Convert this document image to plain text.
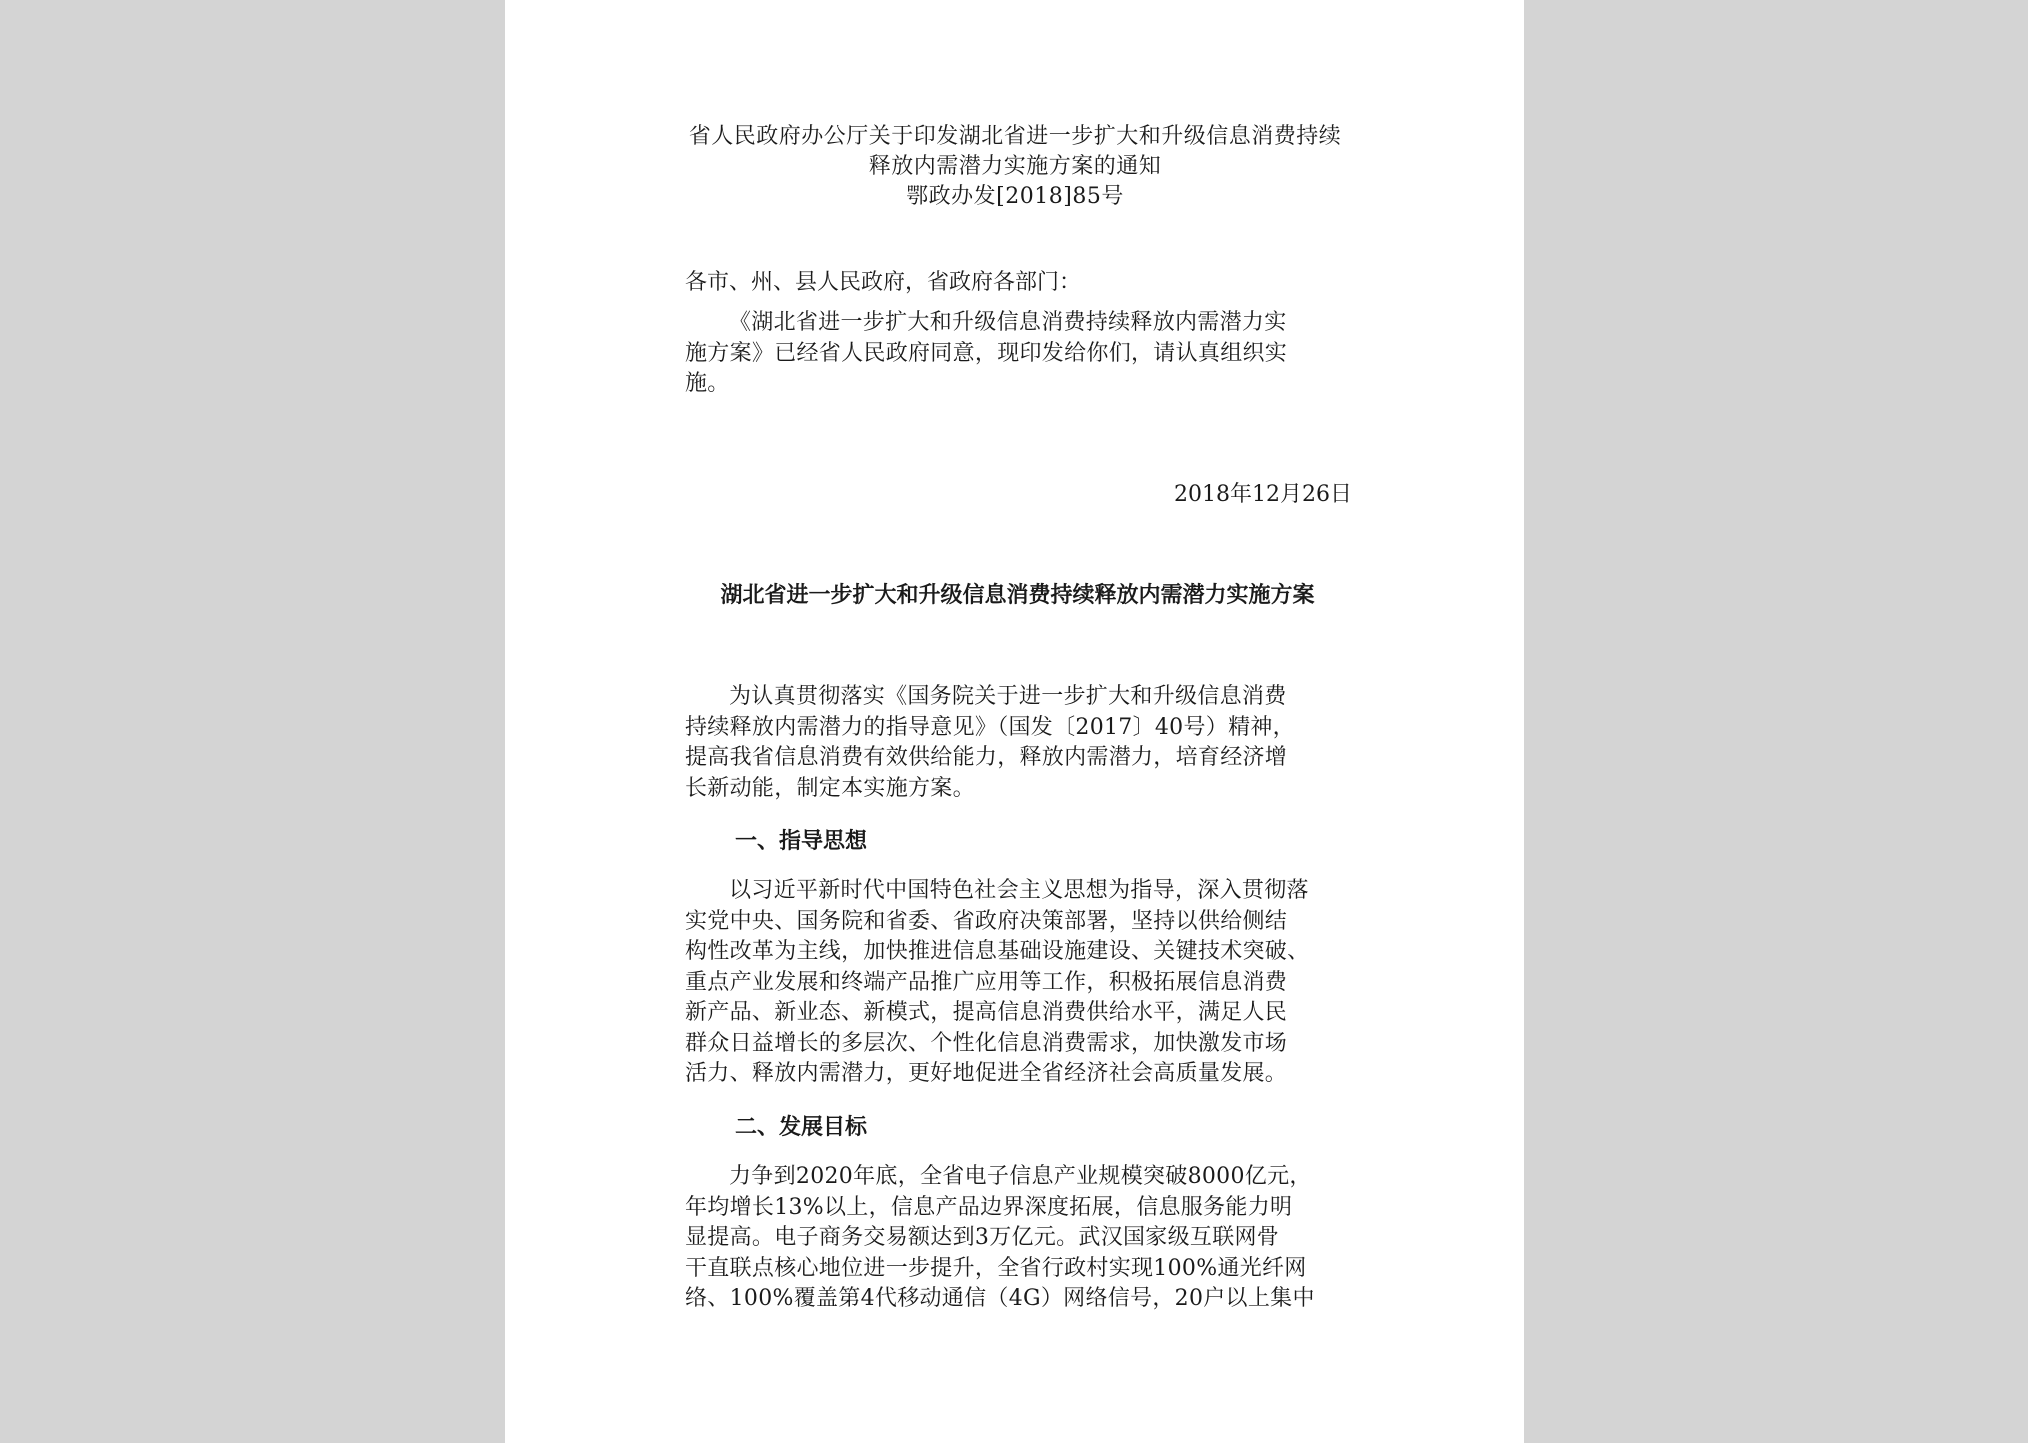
省人民政府办公厅关于印发湖北省进一步扩大和升级信息消费持续
释放内需潜力实施方案的通知
鄂政办发[2018]85号
各市、州、县人民政府，省政府各部门：
《湖北省进一步扩大和升级信息消费持续释放内需潜力实
施方案》已经省人民政府同意，现印发给你们，请认真组织实
施。
2018年12月26日
湖北省进一步扩大和升级信息消费持续释放内需潜力实施方案
为认真贯彻落实《国务院关于进一步扩大和升级信息消费
持续释放内需潜力的指导意见》（国发〔2017〕40号）精神，
提高我省信息消费有效供给能力，释放内需潜力，培育经济增
长新动能，制定本实施方案。
一、指导思想
以习近平新时代中国特色社会主义思想为指导，深入贯彻落
实党中央、国务院和省委、省政府决策部署，坚持以供给侧结
构性改革为主线，加快推进信息基础设施建设、关键技术突破、
重点产业发展和终端产品推广应用等工作，积极拓展信息消费
新产品、新业态、新模式，提高信息消费供给水平，满足人民
群众日益增长的多层次、个性化信息消费需求，加快激发市场
活力、释放内需潜力，更好地促进全省经济社会高质量发展。
二、发展目标
力争到2020年底，全省电子信息产业规模突破8000亿元，
年均增长13%以上，信息产品边界深度拓展，信息服务能力明
显提高。电子商务交易额达到3万亿元。武汉国家级互联网骨
干直联点核心地位进一步提升，全省行政村实现100%通光纤网
络、100%覆盖第4代移动通信（4G）网络信号，20户以上集中
